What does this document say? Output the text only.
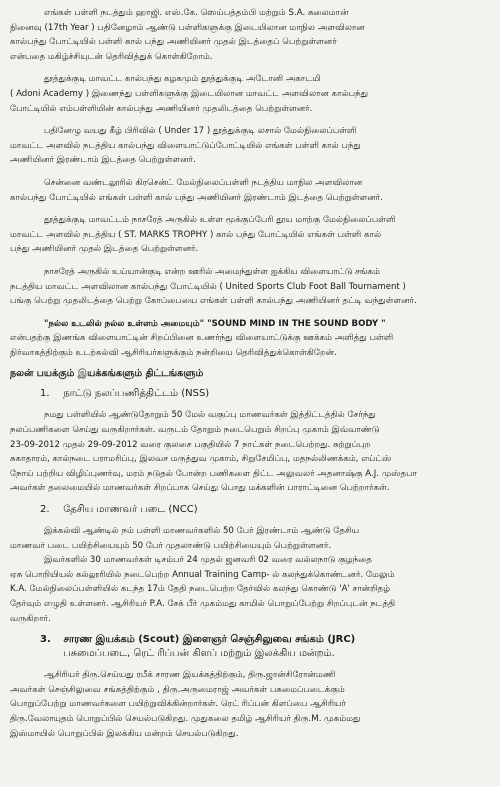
எங்கள் பள்ளி நடத்தும் ஹாஜி. எஸ்.கே. ஸெய்பத்தம்பி மற்றும் S.A. சுலைமான்
நினைவு (17th Year ) பதினேழாம் ஆண்டு பள்ளிகளுக்கு இடையிலான மாநில அளவிலான
கால்பந்து போட்டியில் பள்ளி கால் பந்து அணியினர் முதல் இடத்தைப் பெற்றுள்ளனர்
என்பதை மகிழ்ச்சியுடன் தெரிவித்துக் கொள்கிறோம்.
தூத்துக்குடி மாவட்ட கால்பந்து கழகமும் தூத்துக்குடி அடோனி அகாடமி
( Adoni Academy ) இணைந்து பள்ளிகளுக்கு இடையிலான மாவட்ட அளவிலான கால்பந்து
போட்டியில் எம்பள்ளியின் கால்பந்து அணியினர் முதலிடத்தை பெற்றுள்ளனர்.
பதினேழு வயது கீழ் பிரிவில் ( Under 17 ) தூத்துக்குடி லசால் மேல்நிலைப்பள்ளி
மாவட்ட அளவில் நடத்திய கால்பந்து விளையாட்டுப்போட்டியில் எங்கள் பள்ளி கால் பந்து
அணியினர் இரண்டாம் இடத்தை பெற்றுள்ளனர்.
சென்னை வண்டலூரில் கிரசென்ட் மேல்நிலைப்பள்ளி நடத்திய மாநில அளவிலான
கால்பந்து போட்டியில் எங்கள் பள்ளி கால் பந்து அணியினர் இரண்டாம் இடத்தை பெற்றுள்ளனர்.
தூத்துக்குடி மாவட்டம் நாசரேத் அருகில் உள்ள மூக்குப்பேரி தூய மாற்கு மேல்நிலைப்பள்ளி
மாவட்ட அளவில் நடத்திய ( ST. MARKS TROPHY ) கால் பந்து போட்டியில் எங்கள் பள்ளி கால்
பந்து அணியினர் முதல் இடத்தை பெற்றுள்ளனர்.
நாசரேத் அருகில் உய்யான்குடி என்ற ஊரில் அமைந்துள்ள ஐக்கிய விளையாட்டு சங்கம்
நடத்திய மாவட்ட அளவிலான கால்பந்து போட்டியில் ( United Sports Club Foot Ball Tournament )
பங்கு பெற்று முதலிடத்தை பெற்று கோப்பையை எங்கள் பள்ளி கால்பந்து அணியினர் தட்டி வந்துள்ளனர்.
"நல்ல உடலில் நல்ல உள்ளம் அமையும்" "SOUND MIND IN THE SOUND BODY "
என்பதற்கு இணங்க விளையாட்டின் சிறப்பினை உணர்ந்து விளையாட்டுக்கு ஊக்கம் அளித்து பள்ளி
நிர்வாகத்திற்கும் உடற்கல்வி ஆசிரியர்களுக்கும் நன்றியை தெரிவித்துக்கொள்கிறேன்.
நலன் பயக்கும் இயக்கங்களும் திட்டங்களும்
1. நாட்டு நலப்பணித்திட்டம் (NSS)
நமது பள்ளியில் ஆண்டுதோறும் 50 மேல் வகுப்பு மாணவர்கள் இத்திட்டத்தில் சேர்ந்து
நலப்பணிகளை செய்து வருகிறார்கள். வருடம் தோறும் நடைபெறும் சிறப்பு முகாம் இவ்வாண்டு
23-09-2012 முதல் 29-09-2012 வரை குலசை பகுதியில் 7 நாட்கள் நடைபெற்றது. சுற்றுப்புற
சுகாதாரம், கால்நடை பராமரிப்பு, இலவச மருத்துவ முகாம், சிறுசேமிப்பு, மதநல்லிணக்கம், எய்ட்ஸ்
நோய் பற்றிய விழிப்புணர்வு, மரம் நடுதல் போன்ற பணிகளை திட்ட அலுவலர் அதனாஷ்கு A.J. முஸ்தபா
அவர்கள் தலைமையில் மாணவர்கள் சிறப்பாக செய்து பொது மக்களின் பாராட்டினை பெற்றார்கள்.
2. தேசிய மாணவர் படை (NCC)
இக்கல்வி ஆண்டில் நம் பள்ளி மாணவர்களில் 50 பேர் இரண்டாம் ஆண்டு தேசிய
மாணவர் படை பயிற்சியையும் 50 பேர் முதலாண்டு பயிற்சியையும் பெற்றுள்ளனர்.
இவர்களில் 30 மாணவர்கள் டிசம்பர் 24 முதல் ஜனவரி 02 வரை வல்லநாடு குழந்தை
ஏசு பொறியியல் கல்லூரியில் நடைபெற்ற Annual Training Camp- ல் கலந்துக்கொண்டனர். மேலும்
K.A. மேல்நிலைப்பள்ளியில் கடந்த 17ம் தேதி நடைபெற்ற தேர்வில் கலந்து கொண்டு 'A' சான்றிதழ்
தேர்வும் எழுதி உள்ளனர். ஆசிரியர் P.A. சேக் பீர் முகம்மது காமில் பொறுப்பேற்று சிறப்புடன் நடத்தி
வருகிறார்.
3. சாரண இயக்கம் (Scout) இளைஞர் செஞ்சிலுவை சங்கம் (JRC)
பசுமைப்படை, ரெட் ரிப்பன் கிளப் மற்றும் இலக்கிய மன்றம்.
ஆசிரியர் திரு.செய்யது ரபீக் சாரண இயக்கத்திற்கும், திரு.ஜான்சிரோன்மணி
அவர்கள் செஞ்சிலுவை சங்கத்திற்கும் , திரு.அருமைராஜ் அவர்கள் பசுமைப்படைக்கும்
பொறுப்பேற்று மாணவர்களை பயிற்றுவிக்கின்றார்கள். ரெட் ரிப்பன் கிளப்பை ஆசிரியர்
திரு.வேலாயுதம் பொறுப்பில் செயல்படுகிறது. முதுகலை தமிழ் ஆசிரியர் திரு.M. முகம்மது
இஸ்மாயில் பொறுப்பில் இலக்கிய மன்றம் செயல்படுகிறது.
